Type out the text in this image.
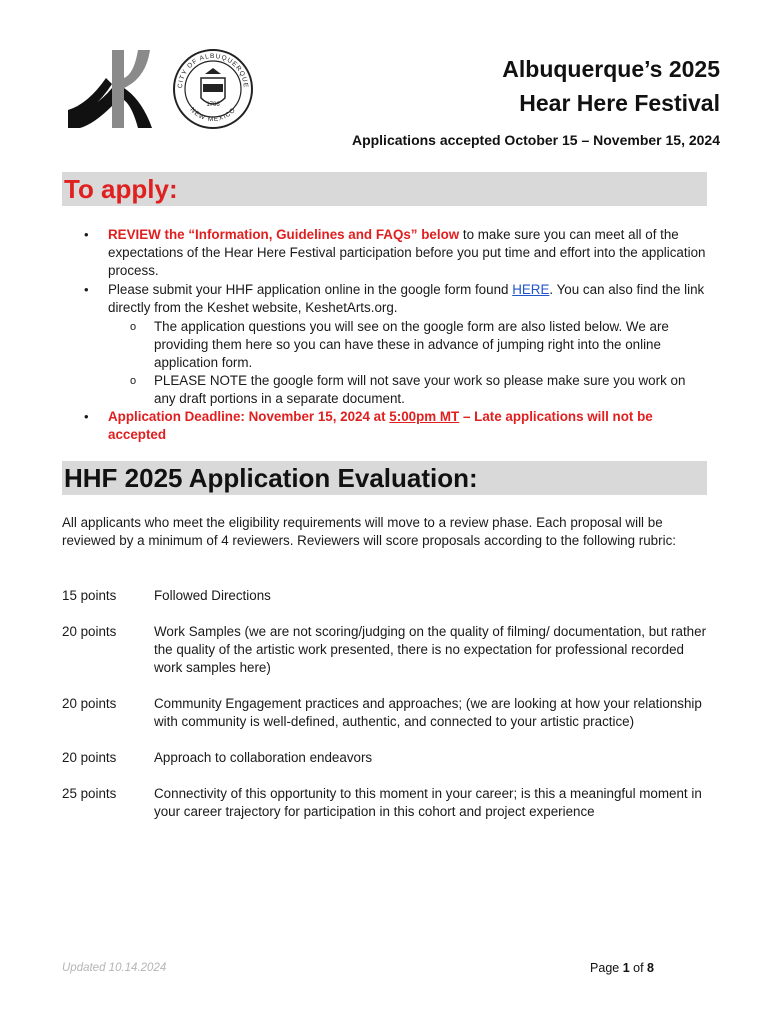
1706
CITY OF ALBUQUERQUE
NEW MEXICO
Albuquerque’s 2025
Hear Here Festival
Applications accepted October 15 – November 15, 2024
To apply:
• REVIEW the “Information, Guidelines and FAQs” below to make sure you can meet all of the expectations of the Hear Here Festival participation before you put time and effort into the application process.
• Please submit your HHF application online in the google form found HERE. You can also find the link directly from the Keshet website, KeshetArts.org.
o The application questions you will see on the google form are also listed below. We are providing them here so you can have these in advance of jumping right into the online application form.
o PLEASE NOTE the google form will not save your work so please make sure you work on any draft portions in a separate document.
• Application Deadline: November 15, 2024 at 5:00pm MT – Late applications will not be accepted
HHF 2025 Application Evaluation:
All applicants who meet the eligibility requirements will move to a review phase. Each proposal will be reviewed by a minimum of 4 reviewers. Reviewers will score proposals according to the following rubric:
15 points	Followed Directions
20 points	Work Samples (we are not scoring/judging on the quality of filming/ documentation, but rather the quality of the artistic work presented, there is no expectation for professional recorded work samples here)
20 points	Community Engagement practices and approaches; (we are looking at how your relationship with community is well-defined, authentic, and connected to your artistic practice)
20 points	Approach to collaboration endeavors
25 points	Connectivity of this opportunity to this moment in your career; is this a meaningful moment in your career trajectory for participation in this cohort and project experience
Updated 10.14.2024	Page 1 of 8
